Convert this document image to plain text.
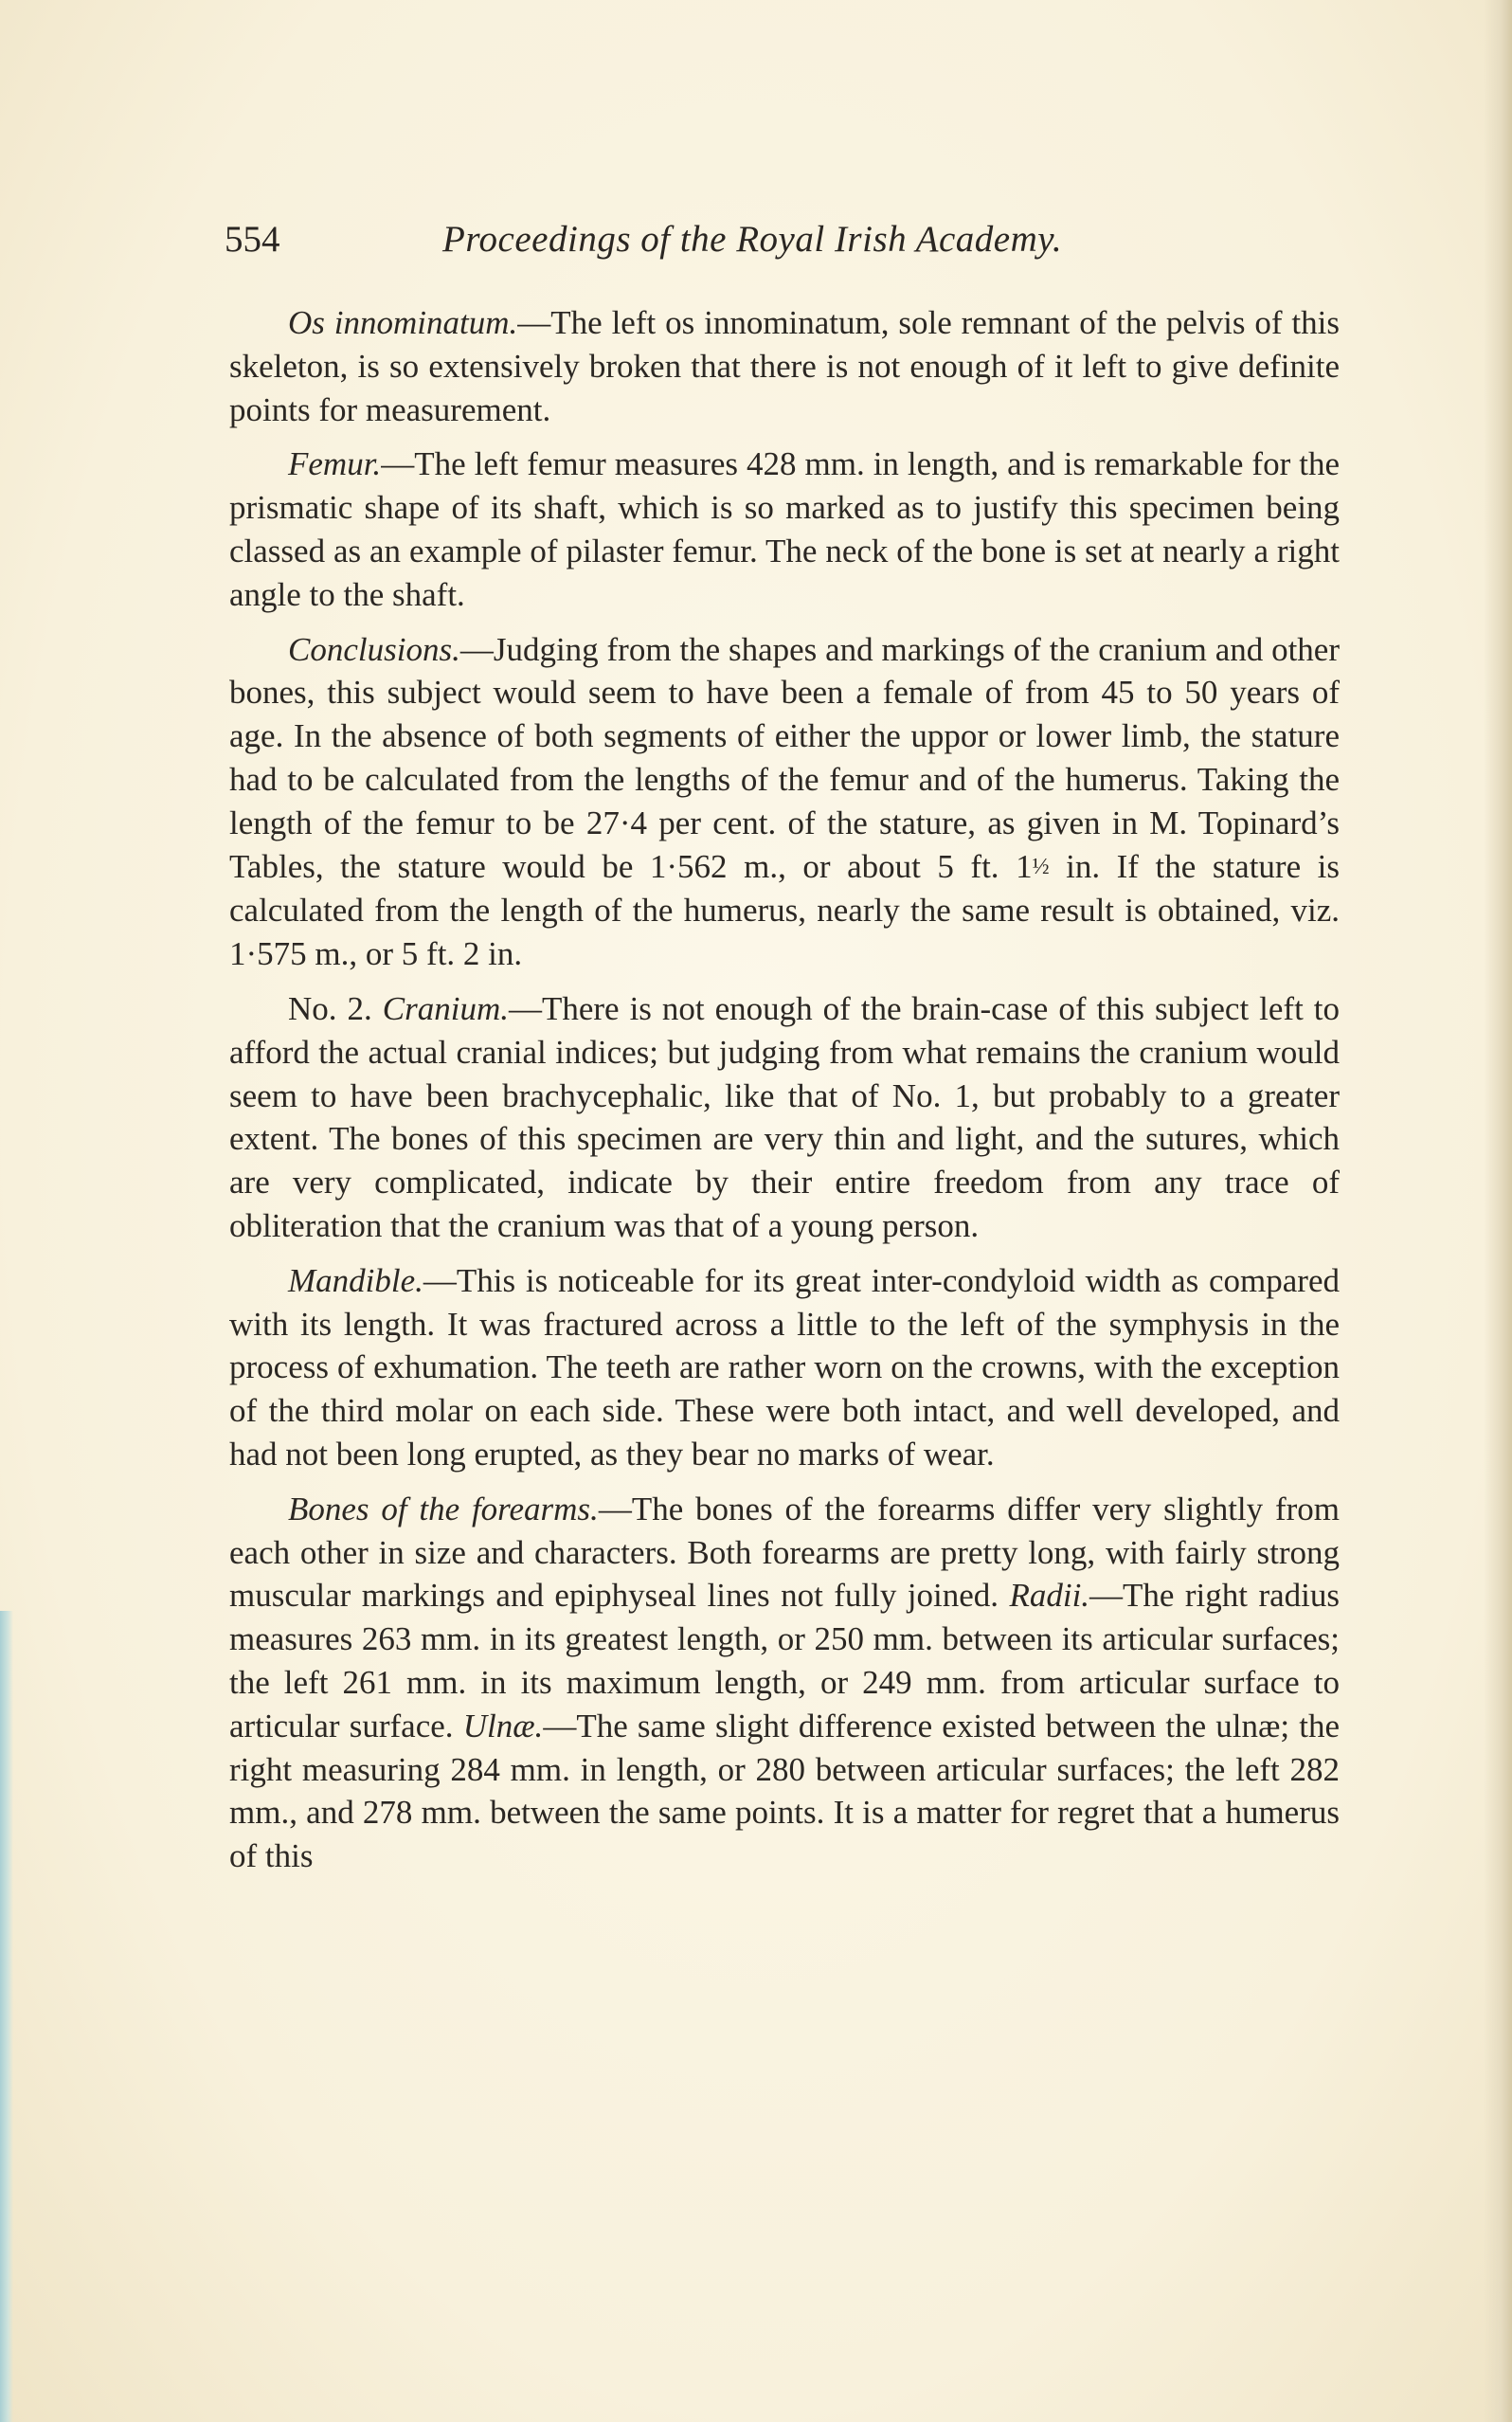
554	Proceedings of the Royal Irish Academy.

Os innominatum.—The left os innominatum, sole remnant of the pelvis of this skeleton, is so extensively broken that there is not enough of it left to give definite points for measurement.

Femur.—The left femur measures 428 mm. in length, and is remarkable for the prismatic shape of its shaft, which is so marked as to justify this specimen being classed as an example of pilaster femur. The neck of the bone is set at nearly a right angle to the shaft.

Conclusions.—Judging from the shapes and markings of the cranium and other bones, this subject would seem to have been a female of from 45 to 50 years of age. In the absence of both segments of either the uppor or lower limb, the stature had to be calculated from the lengths of the femur and of the humerus. Taking the length of the femur to be 27·4 per cent. of the stature, as given in M. Topinard’s Tables, the stature would be 1·562 m., or about 5 ft. 1½ in. If the stature is calculated from the length of the humerus, nearly the same result is obtained, viz. 1·575 m., or 5 ft. 2 in.

No. 2. Cranium.—There is not enough of the brain-case of this subject left to afford the actual cranial indices; but judging from what remains the cranium would seem to have been brachycephalic, like that of No. 1, but probably to a greater extent. The bones of this specimen are very thin and light, and the sutures, which are very complicated, indicate by their entire freedom from any trace of obliteration that the cranium was that of a young person.

Mandible.—This is noticeable for its great inter-condyloid width as compared with its length. It was fractured across a little to the left of the symphysis in the process of exhumation. The teeth are rather worn on the crowns, with the exception of the third molar on each side. These were both intact, and well developed, and had not been long erupted, as they bear no marks of wear.

Bones of the forearms.—The bones of the forearms differ very slightly from each other in size and characters. Both forearms are pretty long, with fairly strong muscular markings and epiphyseal lines not fully joined. Radii.—The right radius measures 263 mm. in its greatest length, or 250 mm. between its articular surfaces; the left 261 mm. in its maximum length, or 249 mm. from articular surface to articular surface. Ulnæ.—The same slight difference existed between the ulnæ; the right measuring 284 mm. in length, or 280 between articular surfaces; the left 282 mm., and 278 mm. between the same points. It is a matter for regret that a humerus of this
